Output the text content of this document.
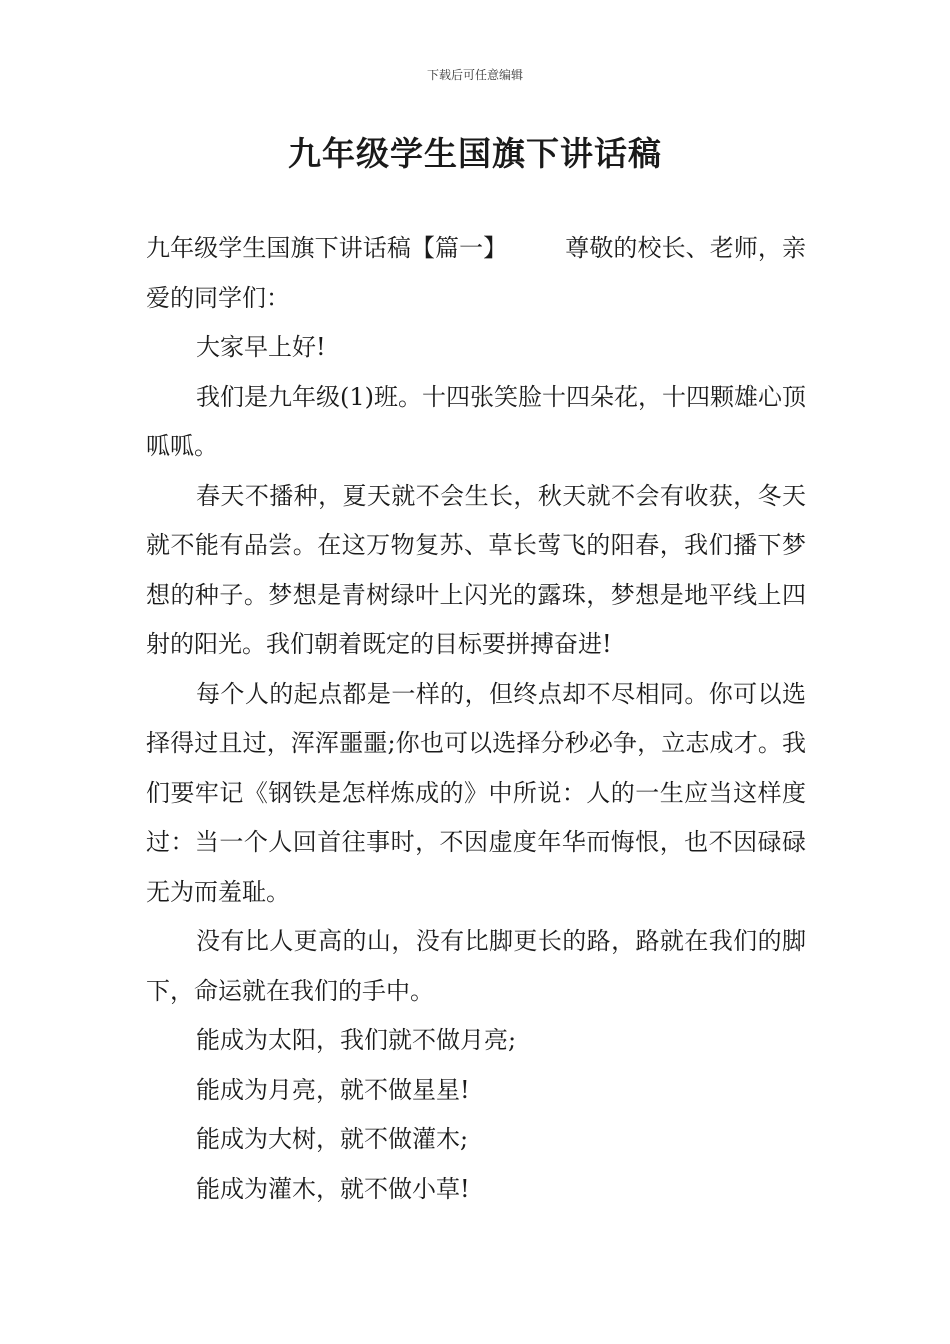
下载后可任意编辑
九年级学生国旗下讲话稿

九年级学生国旗下讲话稿【篇一】 尊敬的校长、老师，亲爱的同学们：

大家早上好!

我们是九年级(1)班。十四张笑脸十四朵花，十四颗雄心顶呱呱。

春天不播种，夏天就不会生长，秋天就不会有收获，冬天就不能有品尝。在这万物复苏、草长莺飞的阳春，我们播下梦想的种子。梦想是青树绿叶上闪光的露珠，梦想是地平线上四射的阳光。我们朝着既定的目标要拼搏奋进!

每个人的起点都是一样的，但终点却不尽相同。你可以选择得过且过，浑浑噩噩;你也可以选择分秒必争，立志成才。我们要牢记《钢铁是怎样炼成的》中所说：人的一生应当这样度过：当一个人回首往事时，不因虚度年华而悔恨，也不因碌碌无为而羞耻。

没有比人更高的山，没有比脚更长的路，路就在我们的脚下，命运就在我们的手中。

能成为太阳，我们就不做月亮;

能成为月亮，就不做星星!

能成为大树，就不做灌木;

能成为灌木，就不做小草!
